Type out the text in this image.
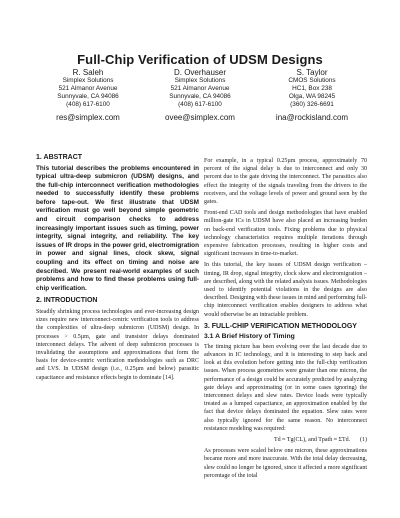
Full-Chip Verification of UDSM Designs
R. Saleh
Simplex Solutions
521 Almanor Avenue
Sunnyvale, CA 94086
(408) 617-6100
res@simplex.com
D. Overhauser
Simplex Solutions
521 Almanor Avenue
Sunnyvale, CA 94086
(408) 617-6100
ovee@simplex.com
S. Taylor
CMOS Solutions
HC1, Box 238
Olga, WA 98245
(360) 326-6691
ina@rockisland.com
1. ABSTRACT

This tutorial describes the problems encountered in typical ultra-deep submicron (UDSM) designs, and the full-chip interconnect verification methodologies needed to successfully identify these problems before tape-out. We first illustrate that UDSM verification must go well beyond simple geometric and circuit comparison checks to address increasingly important issues such as timing, power integrity, signal integrity, and reliability. The key issues of IR drops in the power grid, electromigration in power and signal lines, clock skew, signal coupling and its effect on timing and noise are described. We present real-world examples of such problems and how to find these problems using full-chip verification.

2. INTRODUCTION

Steadily shrinking process technologies and ever-increasing design sizes require new interconnect-centric verification tools to address the complexities of ultra-deep submicron (UDSM) design. In processes > 0.5µm, gate and transistor delays dominated interconnect delays. The advent of deep submicron processes is invalidating the assumptions and approximations that form the basis for device-centric verification methodologies such as DRC and LVS. In UDSM design (i.e., 0.25µm and below) parasitic capacitance and resistance effects begin to dominate [14].

For example, in a typical 0.25µm process, approximately 70 percent of the signal delay is due to interconnect and only 30 percent due to the gate driving the interconnect. The parasitics also effect the integrity of the signals traveling from the drivers to the receivers, and the voltage levels of power and ground seen by the gates.

Front-end CAD tools and design methodologies that have enabled million-gate ICs in UDSM have also placed an increasing burden on back-end verification tools. Fixing problems due to physical technology characteristics requires multiple iterations through expensive fabrication processes, resulting in higher costs and significant increases in time-to-market.

In this tutorial, the key issues of UDSM design verification – timing, IR drop, signal integrity, clock skew and electromigration – are described, along with the related analysis issues. Methodologies used to identify potential violations in the designs are also described. Designing with these issues in mind and performing full-chip interconnect verification enables designers to address what would otherwise be an intractable problem.

3. FULL-CHIP VERIFICATION METHODOLOGY
3.1 A Brief History of Timing

The timing picture has been evolving over the last decade due to advances in IC technology, and it is interesting to step back and look at this evolution before getting into the full-chip verification issues. When process geometries were greater than one micron, the performance of a design could be accurately predicted by analyzing gate delays and approximating (or in some cases ignoring) the interconnect delays and slew rates. Device loads were typically treated as a lumped capacitance, an approximation enabled by the fact that device delays dominated the equation. Slew rates were also typically ignored for the same reason. No interconnect resistance modeling was required:

Td ≈ Tg(CL), and Tpath ≈ ΣTd. (1)

As processes were scaled below one micron, these approximations became more and more inaccurate. With the total delay decreasing, slew could no longer be ignored, since it affected a more significant percentage of the total
